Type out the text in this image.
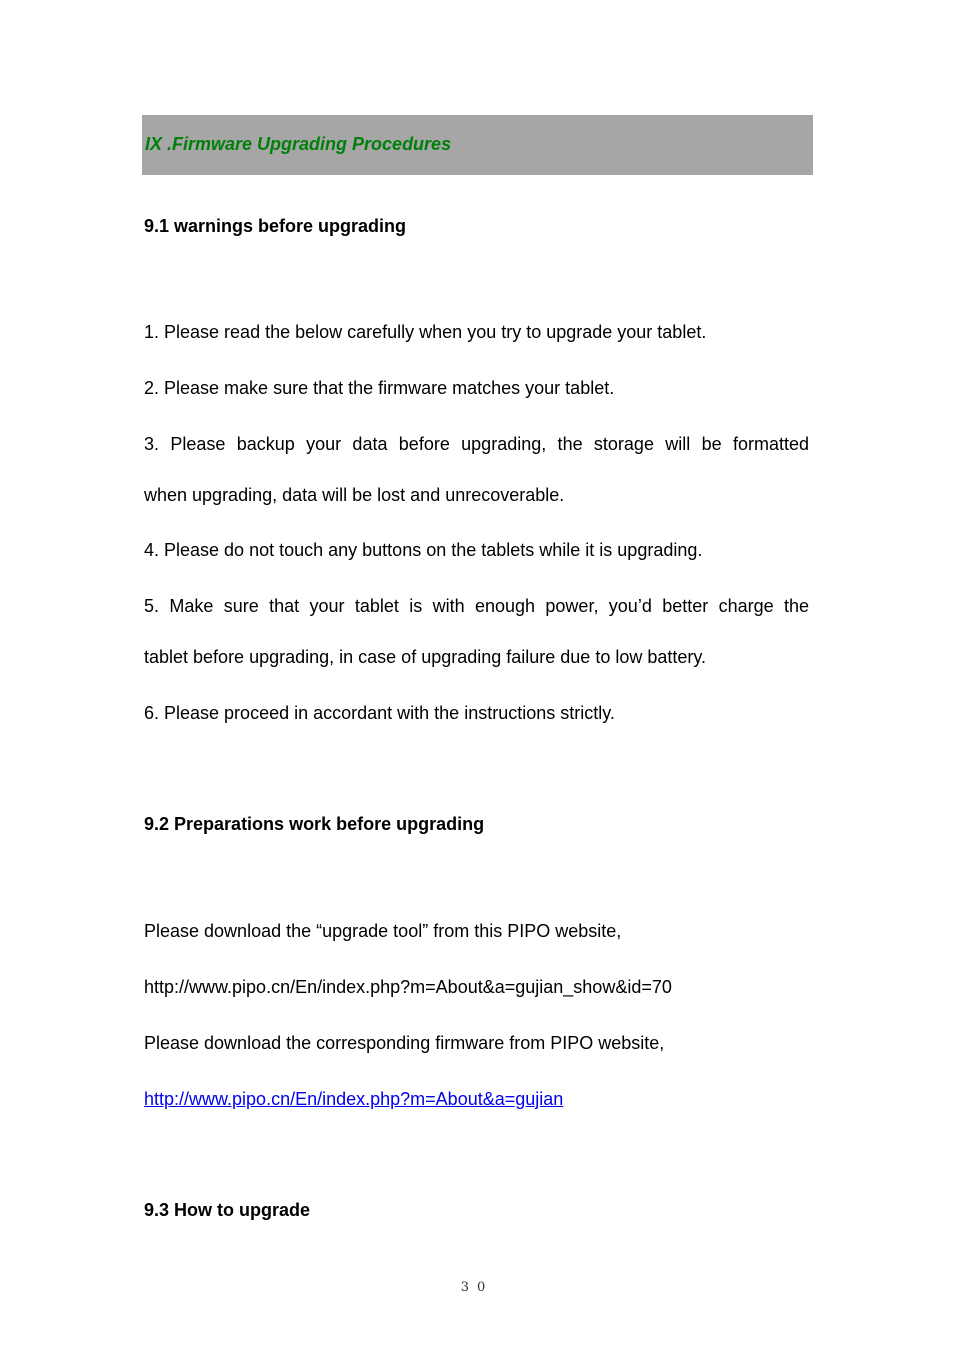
IX .Firmware Upgrading Procedures
9.1 warnings before upgrading
1. Please read the below carefully when you try to upgrade your tablet.
2. Please make sure that the firmware matches your tablet.
3. Please backup your data before upgrading, the storage will be formatted
when upgrading, data will be lost and unrecoverable.
4. Please do not touch any buttons on the tablets while it is upgrading.
5. Make sure that your tablet is with enough power, you’d better charge the
tablet before upgrading, in case of upgrading failure due to low battery.
6. Please proceed in accordant with the instructions strictly.
9.2 Preparations work before upgrading
Please download the “upgrade tool” from this PIPO website,
http://www.pipo.cn/En/index.php?m=About&a=gujian_show&id=70
Please download the corresponding firmware from PIPO website,
http://www.pipo.cn/En/index.php?m=About&a=gujian
9.3 How to upgrade
30
